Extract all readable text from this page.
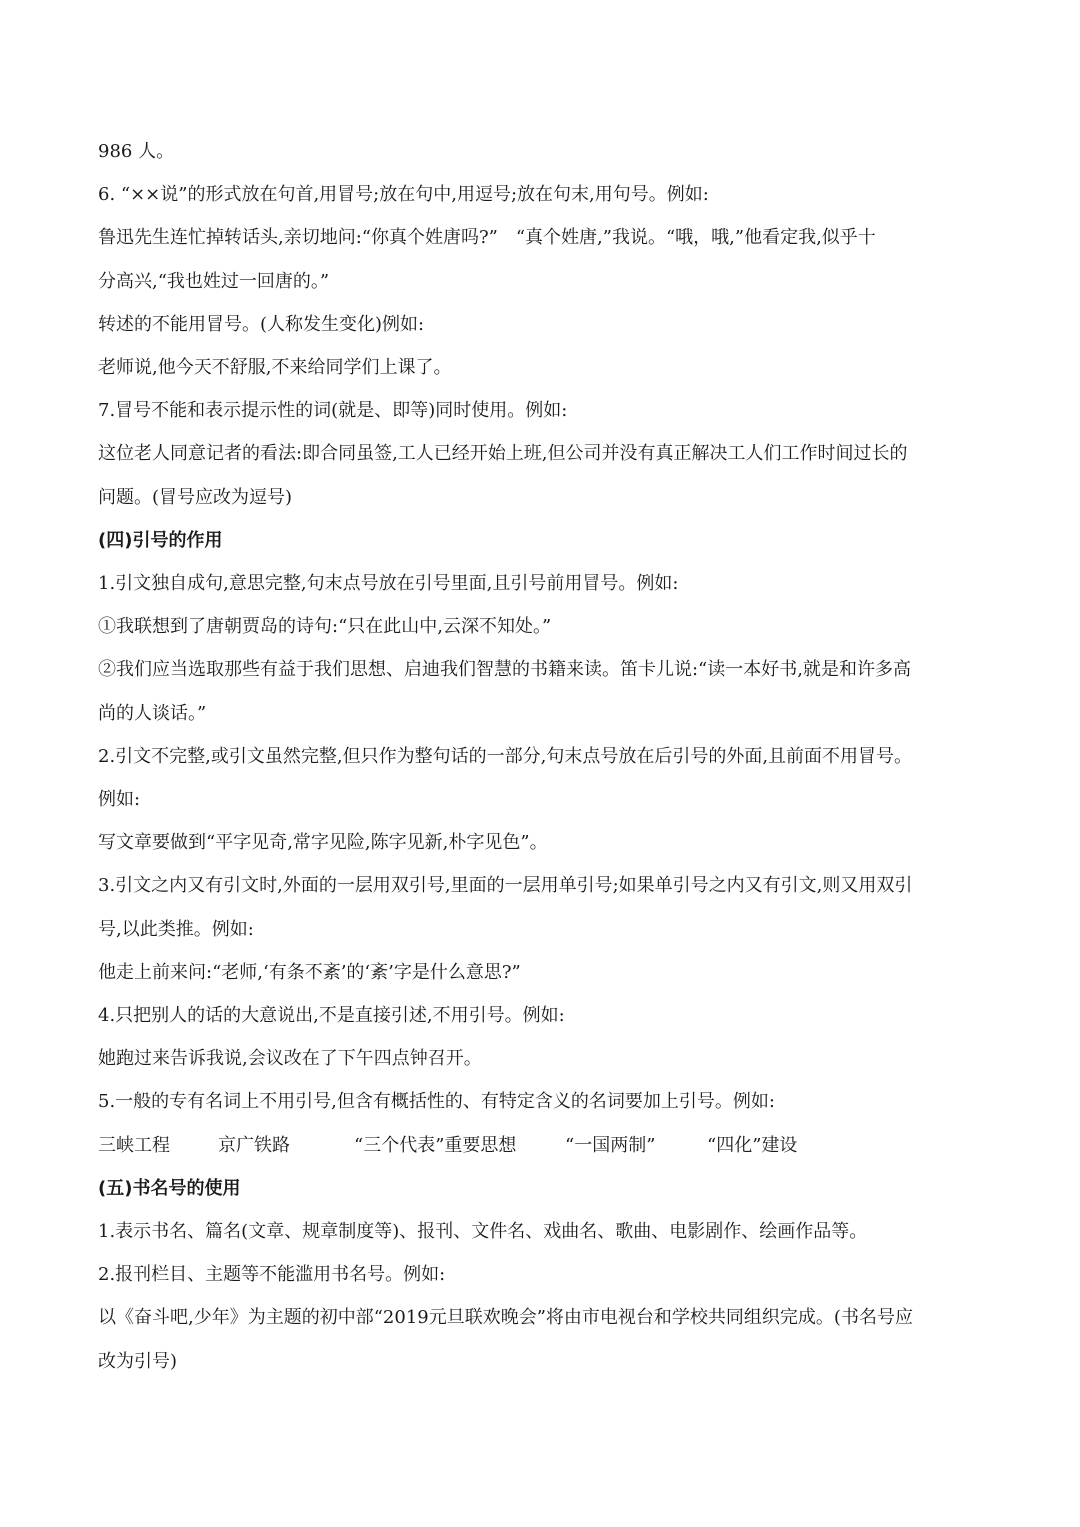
986 人。

6. “××说”的形式放在句首,用冒号;放在句中,用逗号;放在句末,用句号。例如:

鲁迅先生连忙掉转话头,亲切地问:“你真个姓唐吗?”　“真个姓唐,”我说。“哦，哦,”他看定我,似乎十

分高兴,“我也姓过一回唐的。”

转述的不能用冒号。(人称发生变化)例如:

老师说,他今天不舒服,不来给同学们上课了。

7.冒号不能和表示提示性的词(就是、即等)同时使用。例如:

这位老人同意记者的看法:即合同虽签,工人已经开始上班,但公司并没有真正解决工人们工作时间过长的

问题。(冒号应改为逗号)

(四)引号的作用

1.引文独自成句,意思完整,句末点号放在引号里面,且引号前用冒号。例如:

①我联想到了唐朝贾岛的诗句:“只在此山中,云深不知处。”

②我们应当选取那些有益于我们思想、启迪我们智慧的书籍来读。笛卡儿说:“读一本好书,就是和许多高

尚的人谈话。”

2.引文不完整,或引文虽然完整,但只作为整句话的一部分,句末点号放在后引号的外面,且前面不用冒号。

例如:

写文章要做到“平字见奇,常字见险,陈字见新,朴字见色”。

3.引文之内又有引文时,外面的一层用双引号,里面的一层用单引号;如果单引号之内又有引文,则又用双引

号,以此类推。例如:

他走上前来问:“老师,‘有条不紊’的‘紊’字是什么意思?”

4.只把别人的话的大意说出,不是直接引述,不用引号。例如:

她跑过来告诉我说,会议改在了下午四点钟召开。

5.一般的专有名词上不用引号,但含有概括性的、有特定含义的名词要加上引号。例如:

三峡工程	京广铁路	“三个代表”重要思想	“一国两制”	“四化”建设

(五)书名号的使用

1.表示书名、篇名(文章、规章制度等)、报刊、文件名、戏曲名、歌曲、电影剧作、绘画作品等。

2.报刊栏目、主题等不能滥用书名号。例如:

以《奋斗吧,少年》为主题的初中部“2019元旦联欢晚会”将由市电视台和学校共同组织完成。(书名号应

改为引号)
